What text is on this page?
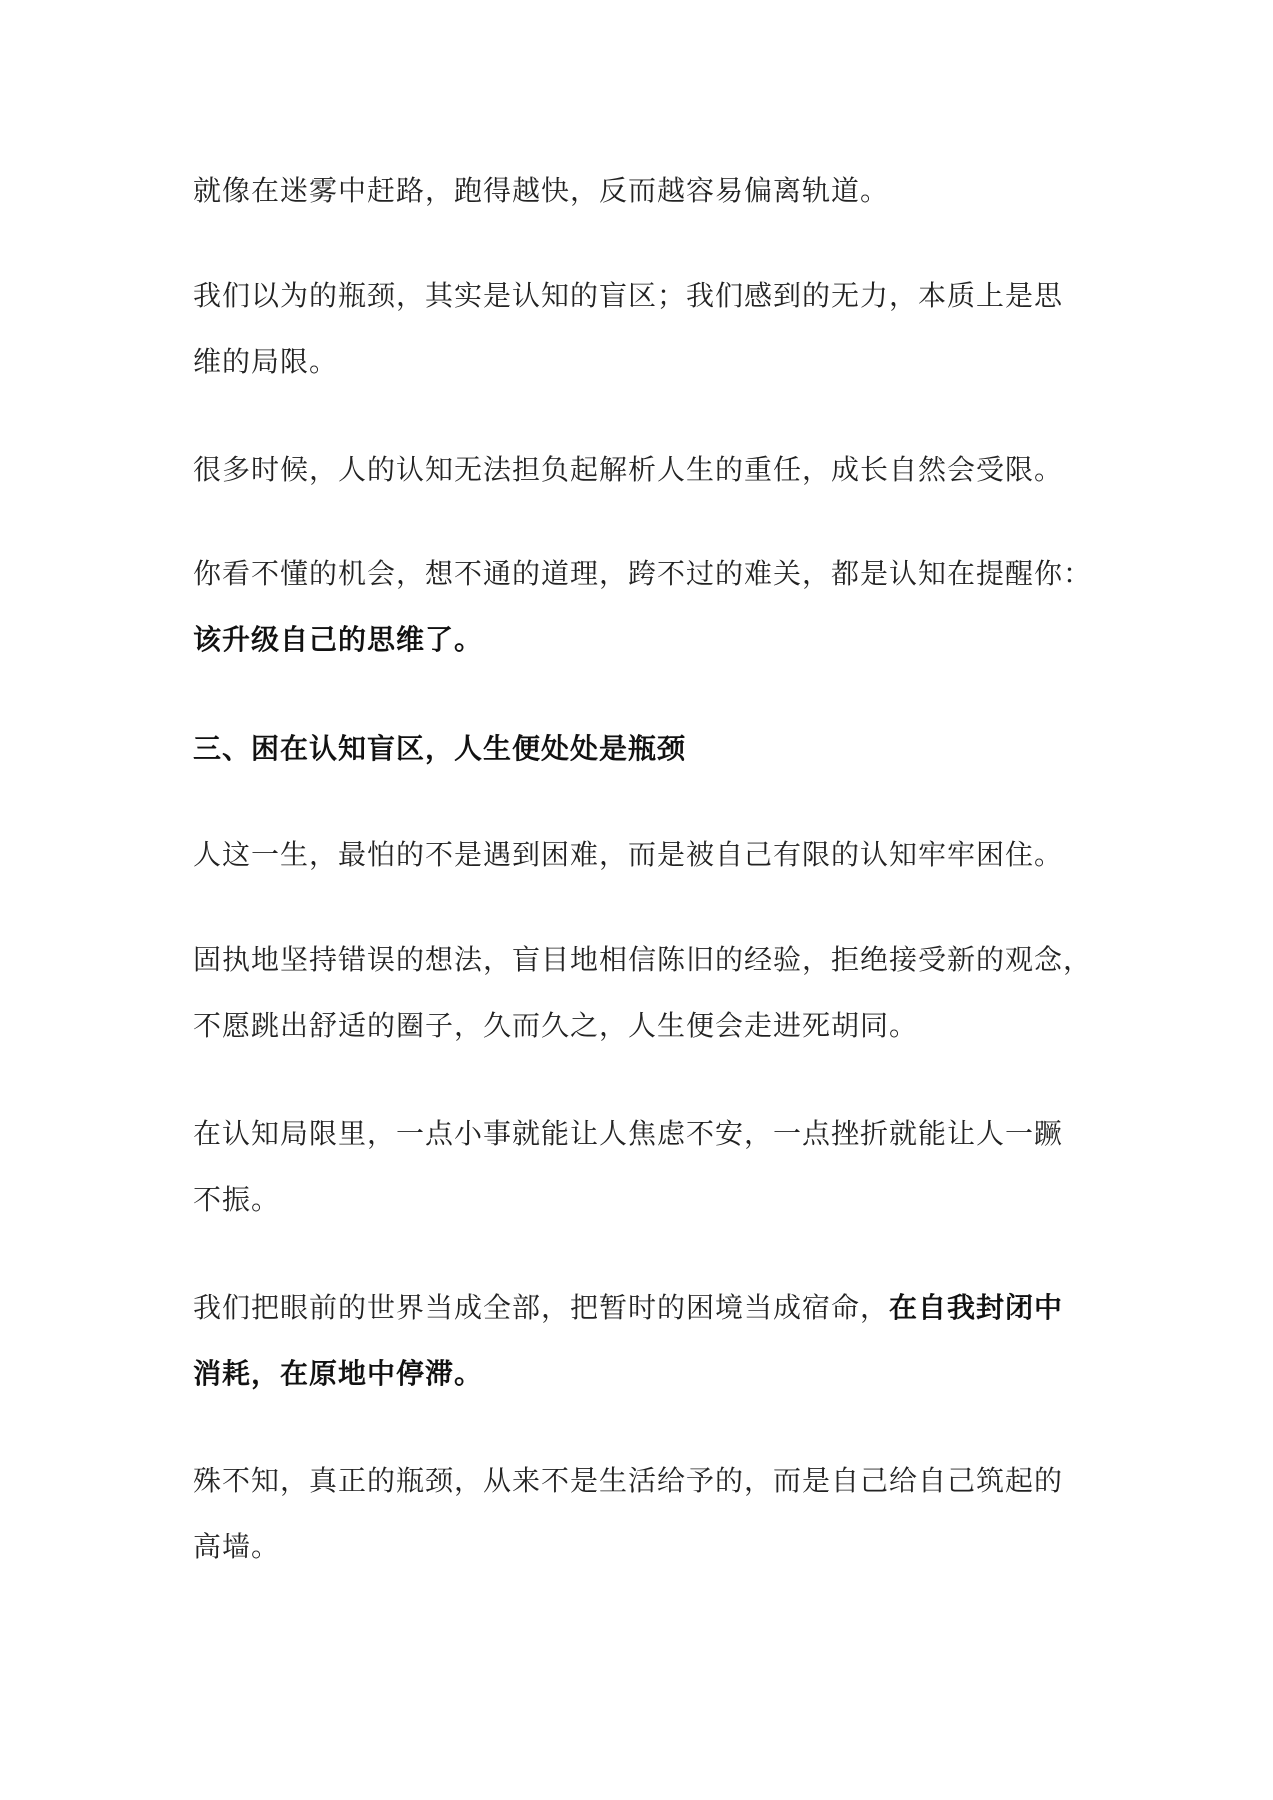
就像在迷雾中赶路，跑得越快，反而越容易偏离轨道。
我们以为的瓶颈，其实是认知的盲区；我们感到的无力，本质上是思
维的局限。
很多时候，人的认知无法担负起解析人生的重任，成长自然会受限。
你看不懂的机会，想不通的道理，跨不过的难关，都是认知在提醒你：
该升级自己的思维了。
三、困在认知盲区，人生便处处是瓶颈
人这一生，最怕的不是遇到困难，而是被自己有限的认知牢牢困住。
固执地坚持错误的想法，盲目地相信陈旧的经验，拒绝接受新的观念，
不愿跳出舒适的圈子，久而久之，人生便会走进死胡同。
在认知局限里，一点小事就能让人焦虑不安，一点挫折就能让人一蹶
不振。
我们把眼前的世界当成全部，把暂时的困境当成宿命，在自我封闭中
消耗，在原地中停滞。
殊不知，真正的瓶颈，从来不是生活给予的，而是自己给自己筑起的
高墙。
